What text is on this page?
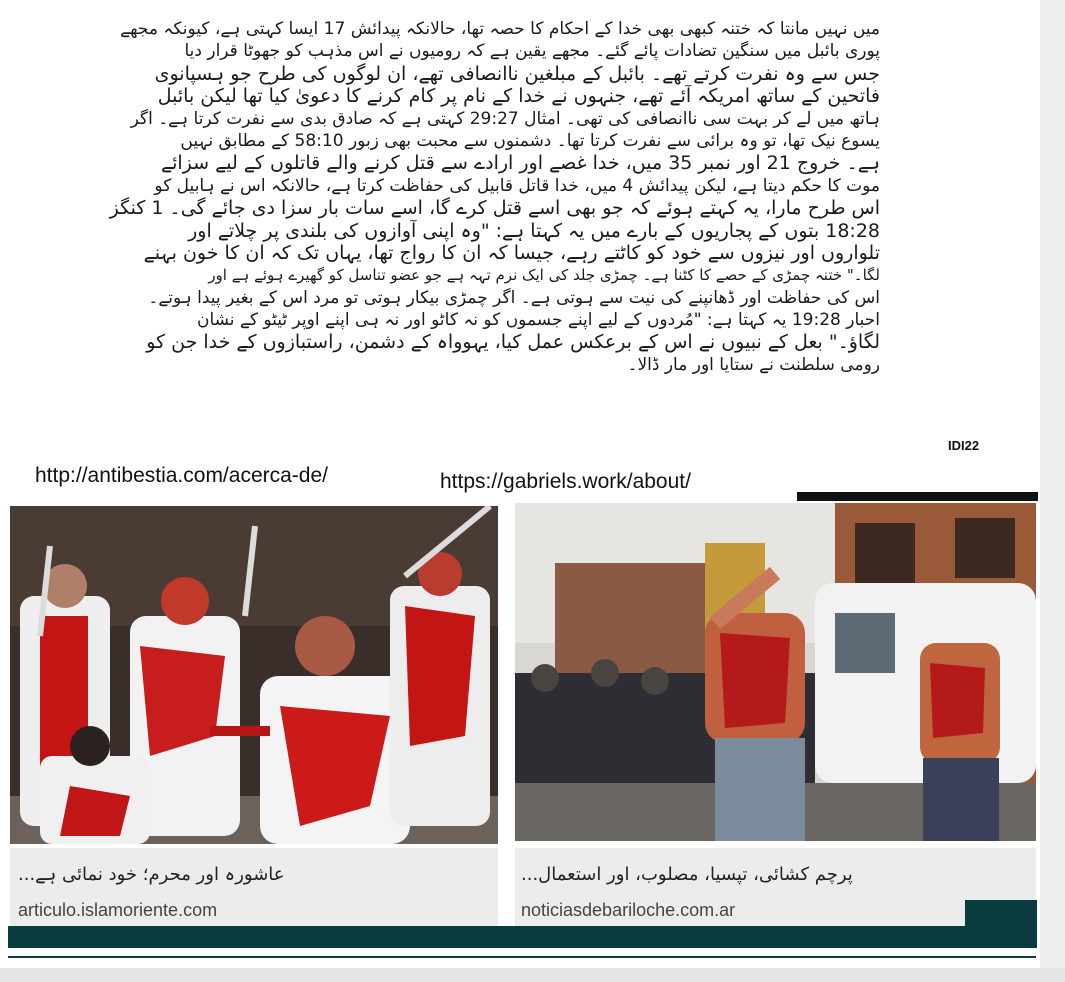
میں نہیں مانتا کہ ختنہ کبھی بھی خدا کے احکام کا حصہ تھا، حالانکہ پیدائش 17 ایسا کہتی ہے، کیونکہ مجھے
پوری بائبل میں سنگین تضادات پائے گئے۔ مجھے یقین ہے کہ رومیوں نے اس مذہب کو جھوٹا قرار دیا
جس سے وہ نفرت کرتے تھے۔ بائبل کے مبلغین ناانصافی تھے، ان لوگوں کی طرح جو ہسپانوی
فاتحین کے ساتھ امریکہ آئے تھے، جنہوں نے خدا کے نام پر کام کرنے کا دعویٰ کیا تھا لیکن بائبل
ہاتھ میں لے کر بہت سی ناانصافی کی تھی۔ امثال 29:27 کہتی ہے کہ صادق بدی سے نفرت کرتا ہے۔ اگر
یسوع نیک تھا، تو وہ برائی سے نفرت کرتا تھا۔ دشمنوں سے محبت بھی زبور 58:10 کے مطابق نہیں
ہے۔ خروج 21 اور نمبر 35 میں، خدا غصے اور ارادے سے قتل کرنے والے قاتلوں کے لیے سزائے
موت کا حکم دیتا ہے، لیکن پیدائش 4 میں، خدا قاتل قابیل کی حفاظت کرتا ہے، حالانکہ اس نے ہابیل کو
اس طرح مارا، یہ کہتے ہوئے کہ جو بھی اسے قتل کرے گا، اسے سات بار سزا دی جائے گی۔ 1 کنگز
18:28 بتوں کے پجاریوں کے بارے میں یہ کہتا ہے: "وہ اپنی آوازوں کی بلندی پر چلاتے اور
تلواروں اور نیزوں سے خود کو کاٹتے رہے، جیسا کہ ان کا رواج تھا، یہاں تک کہ ان کا خون بہنے
لگا۔" ختنہ چمڑی کے حصے کا کٹنا ہے۔ چمڑی جلد کی ایک نرم تہہ ہے جو عضو تناسل کو گھیرے ہوئے ہے اور
اس کی حفاظت اور ڈھانپنے کی نیت سے ہوتی ہے۔ اگر چمڑی بیکار ہوتی تو مرد اس کے بغیر پیدا ہوتے۔
احبار 19:28 یہ کہتا ہے: "مُردوں کے لیے اپنے جسموں کو نہ کاٹو اور نہ ہی اپنے اوپر ٹیٹو کے نشان
لگاؤ۔" بعل کے نبیوں نے اس کے برعکس عمل کیا، یہوواہ کے دشمن، راستبازوں کے خدا جن کو
رومی سلطنت نے ستایا اور مار ڈالا۔
IDI22
http://antibestia.com/acerca-de/	https://gabriels.work/about/
عاشورہ اور محرم؛ خود نمائی ہے...
articulo.islamoriente.com
پرچم کشائی، تپسیا، مصلوب، اور استعمال...
noticiasdebariloche.com.ar
